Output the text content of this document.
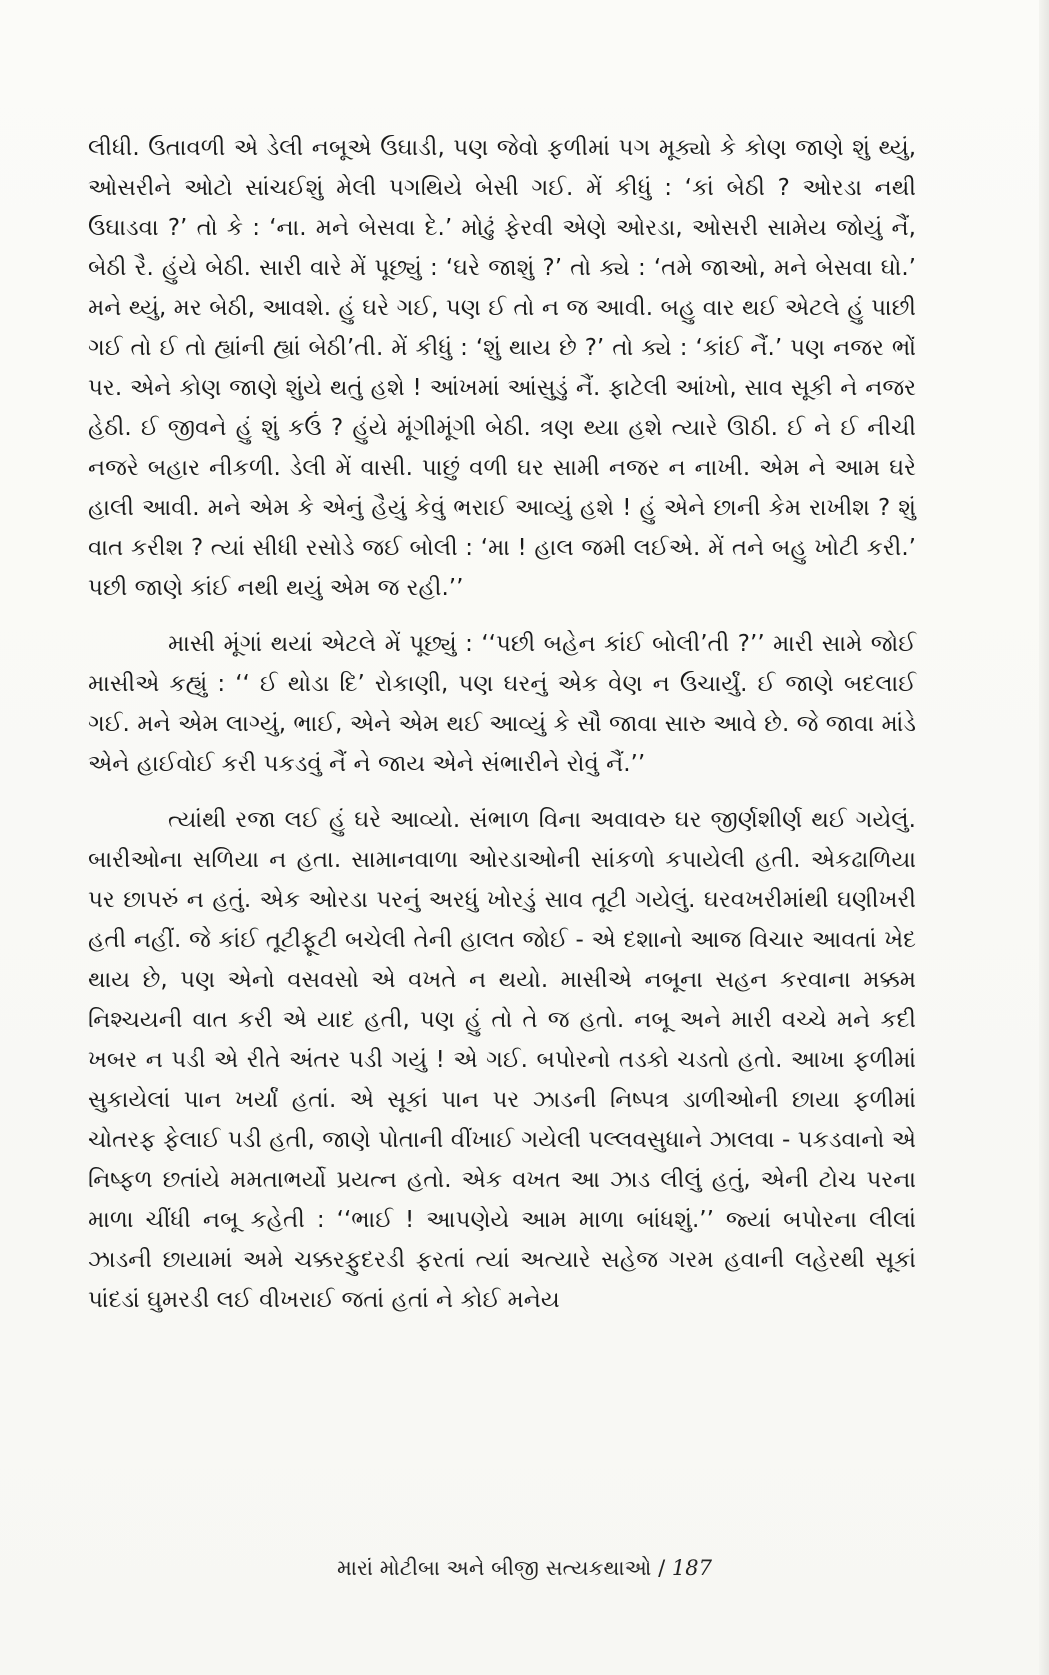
લીધી. ઉતાવળી એ ડેલી નબૂએ ઉઘાડી, પણ જેવો ફળીમાં પગ મૂક્યો કે કોણ જાણે શું થ્યું, ઓસરીને ઓટો સાંચઈશું મેલી પગથિયે બેસી ગઈ. મેં કીધું : ‘કાં બેઠી ? ઓરડા નથી ઉઘાડવા ?’ તો કે : ‘ના. મને બેસવા દે.’ મોઢું ફેરવી એણે ઓરડા, ઓસરી સામેય જોયું નૈં, બેઠી રૈ. હુંયે બેઠી. સારી વારે મેં પૂછ્યું : ‘ઘરે જાશું ?’ તો ક્યે : ‘તમે જાઓ, મને બેસવા ઘો.’ મને થ્યું, મર બેઠી, આવશે. હું ઘરે ગઈ, પણ ઈ તો ન જ આવી. બહુ વાર થઈ એટલે હું પાછી ગઈ તો ઈ તો હ્યાંની હ્યાં બેઠી’તી. મેં કીધું : ‘શું થાય છે ?’ તો ક્યે : ‘કાંઈ નૈં.’ પણ નજર ભોં પર. એને કોણ જાણે શુંયે થતું હશે ! આંખમાં આંસુડું નૈં. ફાટેલી આંખો, સાવ સૂકી ને નજર હેઠી. ઈ જીવને હું શું કઉં ? હુંયે મૂંગીમૂંગી બેઠી. ત્રણ થ્યા હશે ત્યારે ઊઠી. ઈ ને ઈ નીચી નજરે બહાર નીકળી. ડેલી મેં વાસી. પાછું વળી ઘર સામી નજર ન નાખી. એમ ને આમ ઘરે હાલી આવી. મને એમ કે એનું હૈયું કેવું ભરાઈ આવ્યું હશે ! હું એને છાની કેમ રાખીશ ? શું વાત કરીશ ? ત્યાં સીધી રસોડે જઈ બોલી : ‘મા ! હાલ જમી લઈએ. મેં તને બહુ ખોટી કરી.’ પછી જાણે કાંઈ નથી થયું એમ જ રહી.’’

માસી મૂંગાં થયાં એટલે મેં પૂછ્યું : ‘‘પછી બહેન કાંઈ બોલી’તી ?’’ મારી સામે જોઈ માસીએ કહ્યું : ‘‘ ઈ થોડા દિ’ રોકાણી, પણ ઘરનું એક વેણ ન ઉચાર્યું. ઈ જાણે બદલાઈ ગઈ. મને એમ લાગ્યું, ભાઈ, એને એમ થઈ આવ્યું કે સૌ જાવા સારુ આવે છે. જે જાવા માંડે એને હાઈવોઈ કરી પકડવું નૈં ને જાય એને સંભારીને રોવું નૈં.’’

ત્યાંથી રજા લઈ હું ઘરે આવ્યો. સંભાળ વિના અવાવરુ ઘર જીર્ણશીર્ણ થઈ ગયેલું. બારીઓના સળિયા ન હતા. સામાનવાળા ઓરડાઓની સાંકળો કપાયેલી હતી. એકઢાળિયા પર છાપરું ન હતું. એક ઓરડા પરનું અરધું ખોરડું સાવ તૂટી ગયેલું. ઘરવખરીમાંથી ઘણીખરી હતી નહીં. જે કાંઈ તૂટીફૂટી બચેલી તેની હાલત જોઈ - એ દશાનો આજ વિચાર આવતાં ખેદ થાય છે, પણ એનો વસવસો એ વખતે ન થયો. માસીએ નબૂના સહન કરવાના મક્કમ નિશ્ચયની વાત કરી એ યાદ હતી, પણ હું તો તે જ હતો. નબૂ અને મારી વચ્ચે મને કદી ખબર ન પડી એ રીતે અંતર પડી ગયું ! એ ગઈ. બપોરનો તડકો ચડતો હતો. આખા ફળીમાં સુકાયેલાં પાન ખર્યાં હતાં. એ સૂકાં પાન પર ઝાડની નિષ્પત્ર ડાળીઓની છાયા ફળીમાં ચોતરફ ફેલાઈ પડી હતી, જાણે પોતાની વીંખાઈ ગયેલી પલ્લવસુધાને ઝાલવા - પકડવાનો એ નિષ્ફળ છતાંયે મમતાભર્યો પ્રયત્ન હતો. એક વખત આ ઝાડ લીલું હતું, એની ટોચ પરના માળા ચીંધી નબૂ કહેતી : ‘‘ભાઈ ! આપણેયે આમ માળા બાંધશું.’’ જ્યાં બપોરના લીલાં ઝાડની છાયામાં અમે ચક્કરફુદરડી ફરતાં ત્યાં અત્યારે સહેજ ગરમ હવાની લહેરથી સૂકાં પાંદડાં ઘુમરડી લઈ વીખરાઈ જતાં હતાં ને કોઈ મનેય

મારાં મોટીબા અને બીજી સત્યકથાઓ / 187
